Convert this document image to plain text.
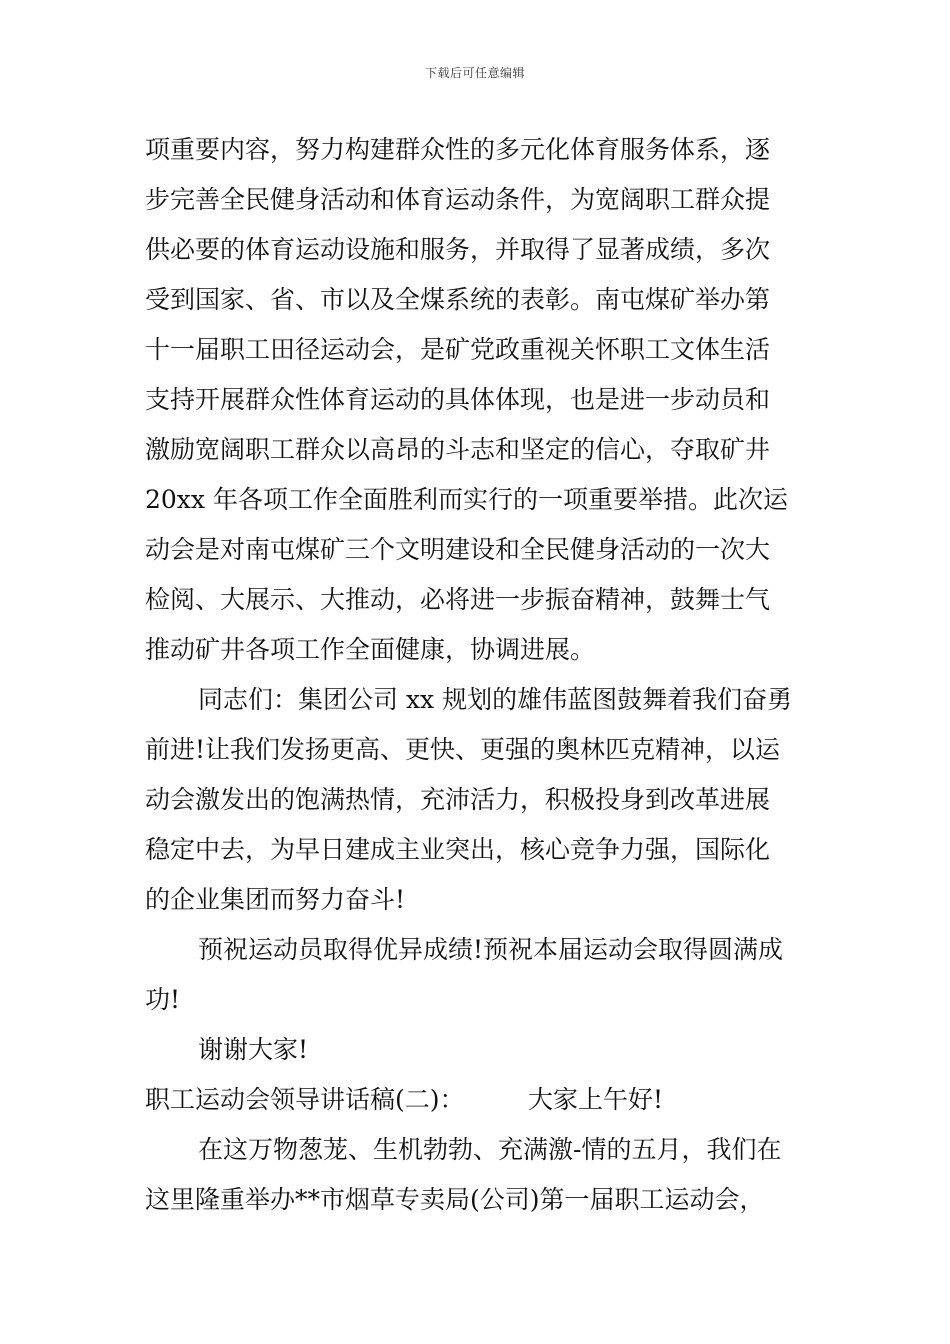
下载后可任意编辑
项重要内容，努力构建群众性的多元化体育服务体系，逐
步完善全民健身活动和体育运动条件，为宽阔职工群众提
供必要的体育运动设施和服务，并取得了显著成绩，多次
受到国家、省、市以及全煤系统的表彰。南屯煤矿举办第
十一届职工田径运动会，是矿党政重视关怀职工文体生活
支持开展群众性体育运动的具体体现，也是进一步动员和
激励宽阔职工群众以高昂的斗志和坚定的信心，夺取矿井
20xx 年各项工作全面胜利而实行的一项重要举措。此次运
动会是对南屯煤矿三个文明建设和全民健身活动的一次大
检阅、大展示、大推动，必将进一步振奋精神，鼓舞士气
推动矿井各项工作全面健康，协调进展。
同志们：集团公司 xx 规划的雄伟蓝图鼓舞着我们奋勇
前进!让我们发扬更高、更快、更强的奥林匹克精神，以运
动会激发出的饱满热情，充沛活力，积极投身到改革进展
稳定中去，为早日建成主业突出，核心竞争力强，国际化
的企业集团而努力奋斗!
预祝运动员取得优异成绩!预祝本届运动会取得圆满成
功!
谢谢大家!
职工运动会领导讲话稿(二)：	大家上午好!
在这万物葱茏、生机勃勃、充满激-情的五月，我们在
这里隆重举办**市烟草专卖局(公司)第一届职工运动会，
